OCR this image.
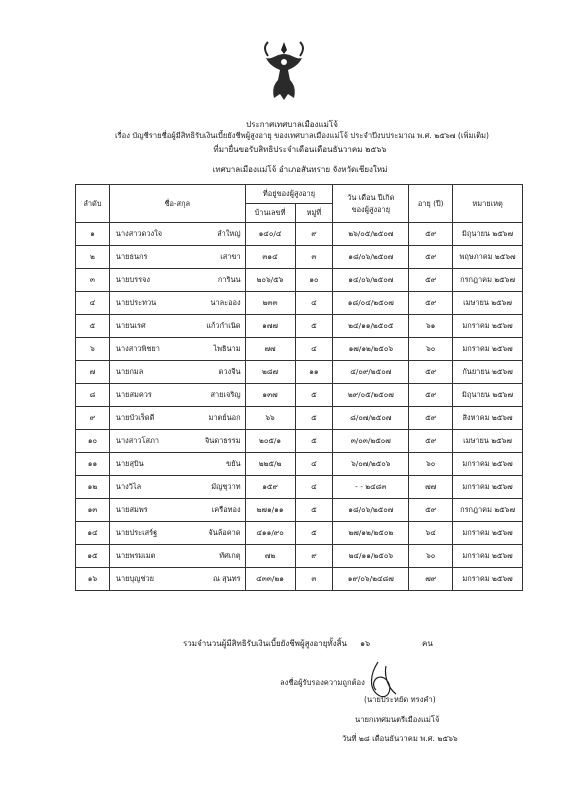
ประกาศเทศบาลเมืองแม่โจ้
เรื่อง บัญชีรายชื่อผู้มีสิทธิรับเงินเบี้ยยังชีพผู้สูงอายุ ของเทศบาลเมืองแม่โจ้ ประจำปีงบประมาณ พ.ศ. ๒๕๖๗ (เพิ่มเติม)
ที่มายื่นขอรับสิทธิประจำเดือนเดือนธันวาคม ๒๕๖๖
เทศบาลเมืองแม่โจ้ อำเภอสันทราย จังหวัดเชียงใหม่
ลำดับ	ชื่อ-สกุล	ที่อยู่ของผู้สูงอายุ		วัน เดือน ปีเกิด
ของผู้สูงอายุ	อายุ (ปี)	หมายเหตุ
		บ้านเลขที่	หมู่ที่			
๑	นางสาวดวงใจ ลำใหญ่	๑๔๐/๔	๙	๒๖/๐๕/๒๕๐๗	๕๙	มิถุนายน ๒๕๖๗
๒	นายธนกร เสาขา	๓๑๔	๓	๑๘/๐๖/๒๕๐๗	๕๙	พฤษภาคม ๒๕๖๗
๓	นายบรรจง การินน	๒๐๖/๕๖	๑๐	๑๔/๐๖/๒๕๐๗	๕๙	กรกฎาคม ๒๕๖๗
๔	นายประทวน นาละออง	๒๓๓	๔	๑๘/๐๔/๒๕๐๗	๕๙	เมษายน ๒๕๖๗
๕	นายนเรศ แก้วกำเนิด	๑๗๗	๕	๒๔/๑๑/๒๕๐๕	๖๑	มกราคม ๒๕๖๗
๖	นางสาวพิชยา ไพธินาม	๗๗	๔	๑๗/๑๒/๒๕๐๖	๖๐	มกราคม ๒๕๖๗
๗	นายกมล ดวงจีน	๒๘๗	๑๑	๔/๐๙/๒๕๐๗	๕๙	กันยายน ๒๕๖๗
๘	นายสมควร สายเจริญ	๑๓๗	๕	๒๙/๐๕/๒๕๐๗	๕๙	มิถุนายน ๒๕๖๗
๙	นายบัวเร็ดดี มาตย์นอก	๖๖	๕	๘/๐๗/๒๕๐๗	๕๙	สิงหาคม ๒๕๖๗
๑๐	นางสาวโสภา จินดาธรรม	๒๐๕/๑	๕	๓/๐๓/๒๕๐๗	๕๙	เมษายน ๒๕๖๗
๑๑	นายสุบิน ขยัน	๒๒๕/๒	๔	๖/๐๗/๒๕๐๖	๖๐	มกราคม ๒๕๖๗
๑๒	นางวิไล มัญชุวาท	๑๕๙	๔	- - ๒๔๘๓	๗๗	มกราคม ๒๕๖๗
๑๓	นายสมพร เครือทอง	๒๗๑/๑๑	๕	๑๘/๐๖/๒๕๐๗	๕๙	กรกฎาคม ๒๕๖๗
๑๔	นายประเสร์ฐ จันล้อคาด	๔๑๑/๙๐	๕	๒๗/๑๒/๒๕๐๒	๖๔	มกราคม ๒๕๖๗
๑๕	นายพรมเมต ทัศเกตุ	๗๒	๙	๒๔/๑๑/๒๕๐๖	๖๐	มกราคม ๒๕๖๗
๑๖	นายบุญช่วย ณ สุนทร	๔๓๓/๒๑	๓	๑๙/๐๖/๒๔๘๗	๗๙	มกราคม ๒๕๖๗
รวมจำนวนผู้มีสิทธิรับเงินเบี้ยยังชีพผู้สูงอายุทั้งสิ้น ๑๖	คน
ลงชื่อผู้รับรองความถูกต้อง
(นายประหยัด ทรงคำ)
นายกเทศมนตรีเมืองแม่โจ้
วันที่ ๒๘ เดือนธันวาคม พ.ศ. ๒๕๖๖
